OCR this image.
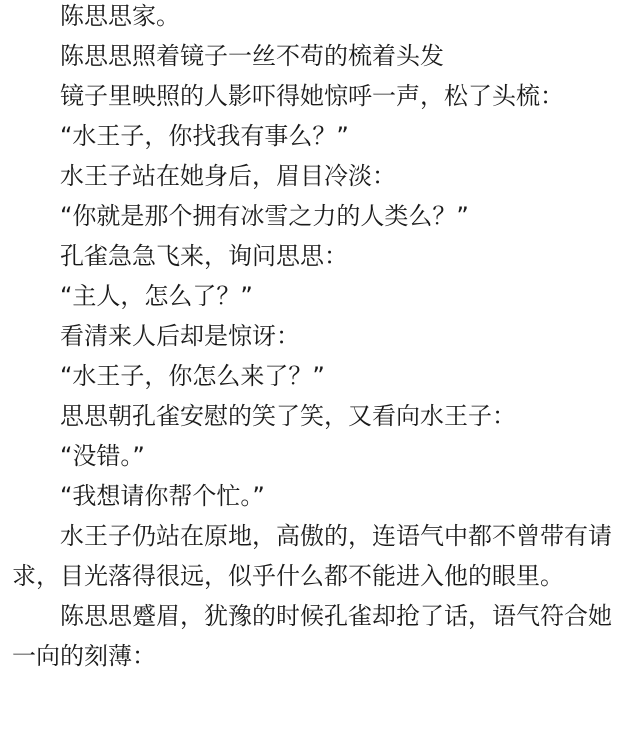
陈思思家。

陈思思照着镜子一丝不苟的梳着头发

镜子里映照的人影吓得她惊呼一声，松了头梳：

“水王子，你找我有事么？”

水王子站在她身后，眉目冷淡：

“你就是那个拥有冰雪之力的人类么？”

孔雀急急飞来，询问思思：

“主人，怎么了？”

看清来人后却是惊讶：

“水王子，你怎么来了？”

思思朝孔雀安慰的笑了笑，又看向水王子：

“没错。”

“我想请你帮个忙。”

水王子仍站在原地，高傲的，连语气中都不曾带有请求，目光落得很远，似乎什么都不能进入他的眼里。

陈思思蹙眉，犹豫的时候孔雀却抢了话，语气符合她一向的刻薄：
